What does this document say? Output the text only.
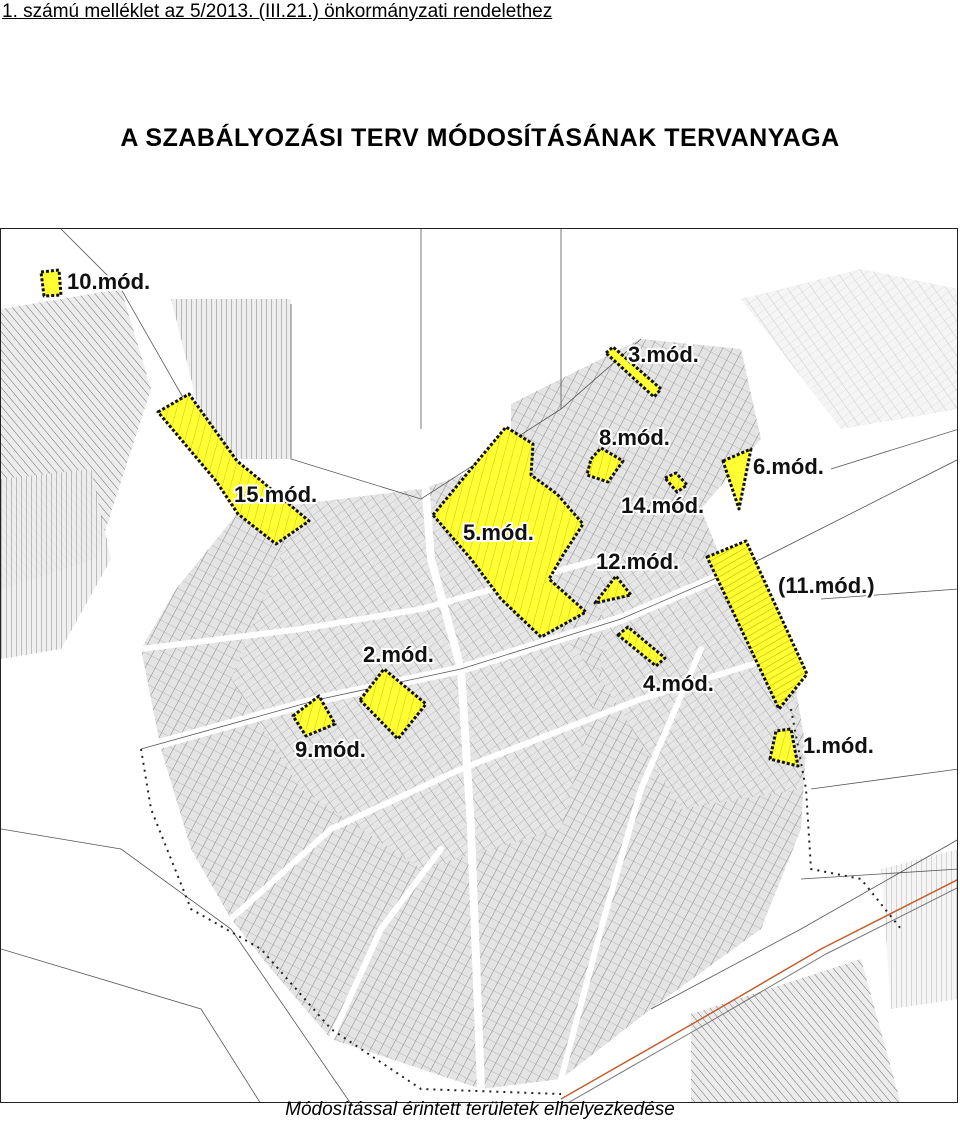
1. számú melléklet az 5/2013. (III.21.) önkormányzati rendelethez
A SZABÁLYOZÁSI TERV MÓDOSÍTÁSÁNAK TERVANYAGA
10.mód.
3.mód.
8.mód.
6.mód.
15.mód.	14.mód.
5.mód.
12.mód.
(11.mód.)
2.mód.
4.mód.
9.mód.	1.mód.
Módosítással érintett területek elhelyezkedése
